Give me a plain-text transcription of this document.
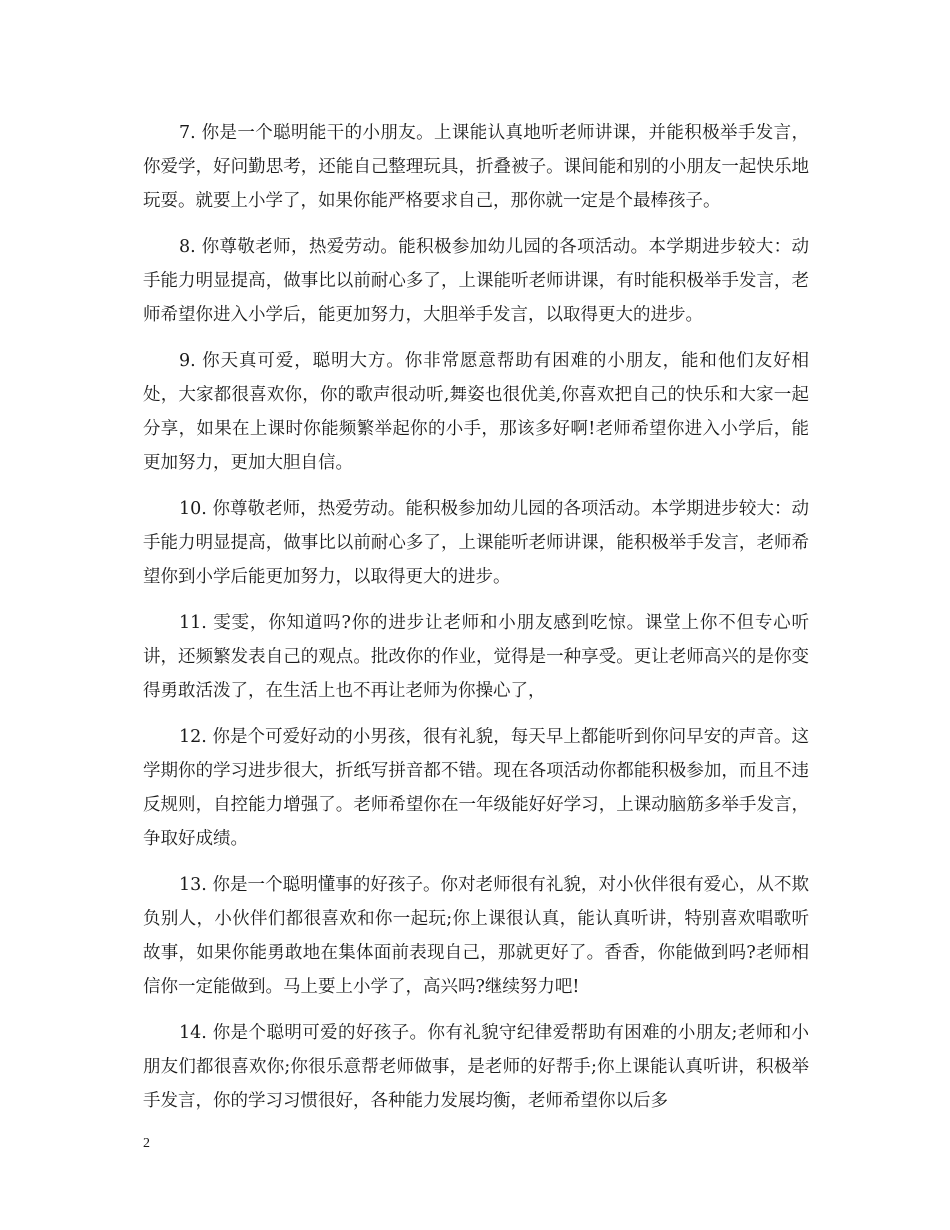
7. 你是一个聪明能干的小朋友。上课能认真地听老师讲课，并能积极举手发言，你爱学，好问勤思考，还能自己整理玩具，折叠被子。课间能和别的小朋友一起快乐地玩耍。就要上小学了，如果你能严格要求自己，那你就一定是个最棒孩子。

8. 你尊敬老师，热爱劳动。能积极参加幼儿园的各项活动。本学期进步较大：动手能力明显提高，做事比以前耐心多了，上课能听老师讲课，有时能积极举手发言，老师希望你进入小学后，能更加努力，大胆举手发言，以取得更大的进步。

9. 你天真可爱，聪明大方。你非常愿意帮助有困难的小朋友，能和他们友好相处，大家都很喜欢你，你的歌声很动听,舞姿也很优美,你喜欢把自己的快乐和大家一起分享，如果在上课时你能频繁举起你的小手，那该多好啊!老师希望你进入小学后，能更加努力，更加大胆自信。

10. 你尊敬老师，热爱劳动。能积极参加幼儿园的各项活动。本学期进步较大：动手能力明显提高，做事比以前耐心多了，上课能听老师讲课，能积极举手发言，老师希望你到小学后能更加努力，以取得更大的进步。

11. 雯雯，你知道吗?你的进步让老师和小朋友感到吃惊。课堂上你不但专心听讲，还频繁发表自己的观点。批改你的作业，觉得是一种享受。更让老师高兴的是你变得勇敢活泼了，在生活上也不再让老师为你操心了，

12. 你是个可爱好动的小男孩，很有礼貌，每天早上都能听到你问早安的声音。这学期你的学习进步很大，折纸写拼音都不错。现在各项活动你都能积极参加，而且不违反规则，自控能力增强了。老师希望你在一年级能好好学习，上课动脑筋多举手发言，争取好成绩。

13. 你是一个聪明懂事的好孩子。你对老师很有礼貌，对小伙伴很有爱心，从不欺负别人，小伙伴们都很喜欢和你一起玩;你上课很认真，能认真听讲，特别喜欢唱歌听故事，如果你能勇敢地在集体面前表现自己，那就更好了。香香，你能做到吗?老师相信你一定能做到。马上要上小学了，高兴吗?继续努力吧!

14. 你是个聪明可爱的好孩子。你有礼貌守纪律爱帮助有困难的小朋友;老师和小朋友们都很喜欢你;你很乐意帮老师做事，是老师的好帮手;你上课能认真听讲，积极举手发言，你的学习习惯很好，各种能力发展均衡，老师希望你以后多

2
